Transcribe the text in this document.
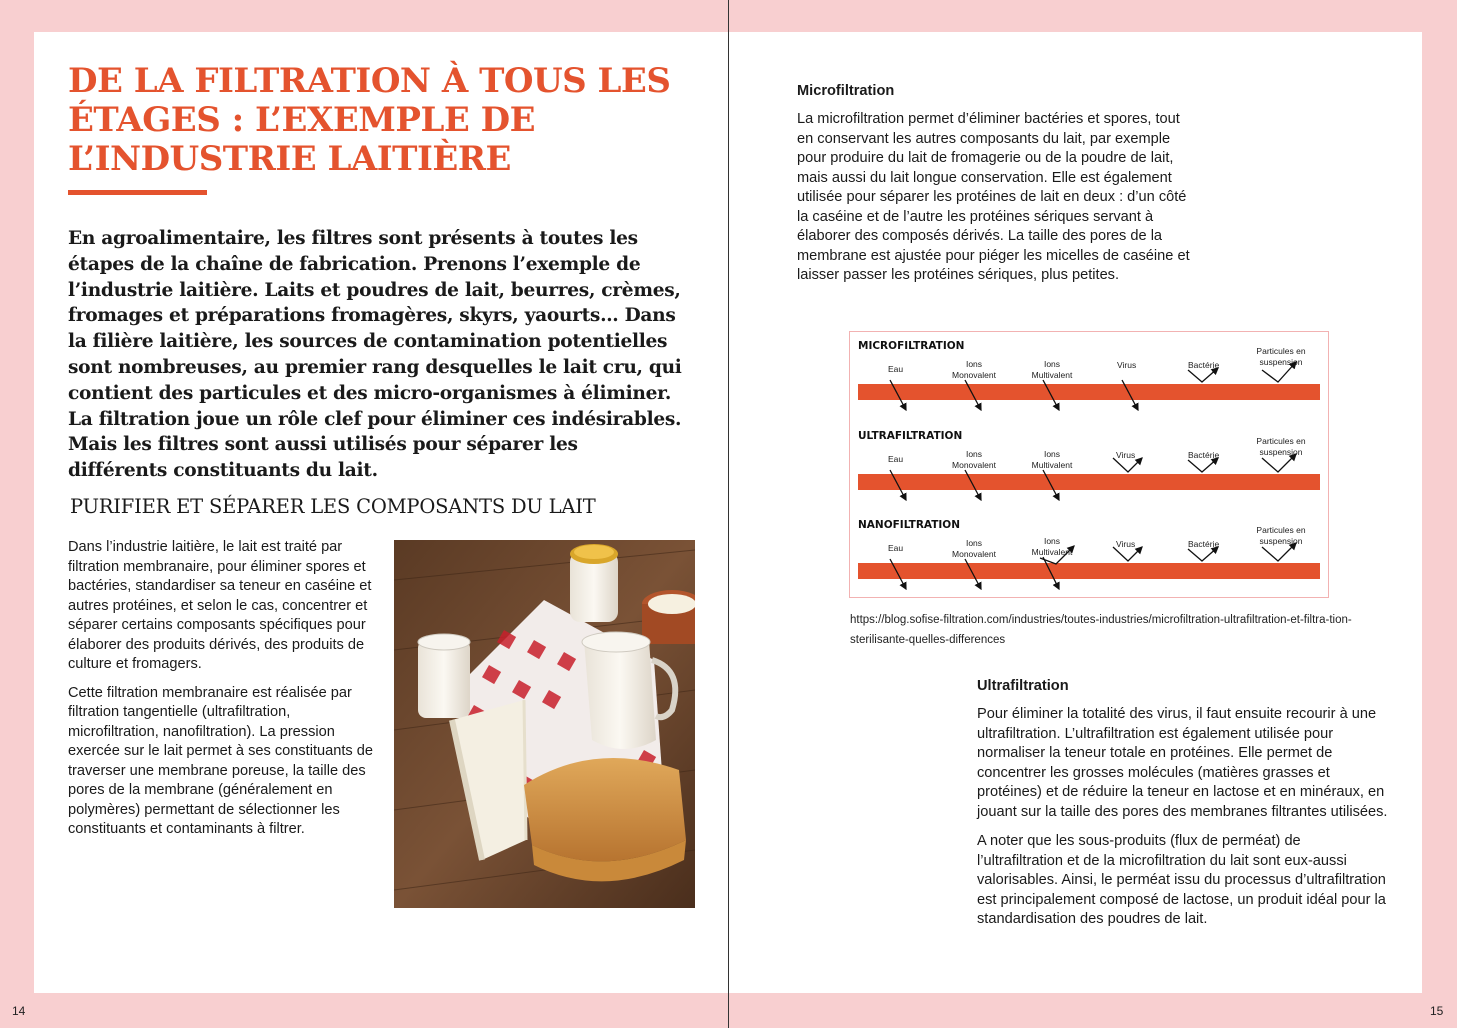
DE LA FILTRATION À TOUS LES ÉTAGES : L’EXEMPLE DE L’INDUSTRIE LAITIÈRE
En agroalimentaire, les filtres sont présents à toutes les étapes de la chaîne de fabrication. Prenons l’exemple de l’industrie laitière. Laits et poudres de lait, beurres, crèmes, fromages et préparations fromagères, skyrs, yaourts… Dans la filière laitière, les sources de contamination potentielles sont nombreuses, au premier rang desquelles le lait cru, qui contient des particules et des micro-organismes à éliminer. La filtration joue un rôle clef pour éliminer ces indésirables. Mais les filtres sont aussi utilisés pour séparer les différents constituants du lait.
PURIFIER ET SÉPARER LES COMPOSANTS DU LAIT

Dans l’industrie laitière, le lait est traité par filtration membranaire, pour éliminer spores et bactéries, standardiser sa teneur en caséine et autres protéines, et selon le cas, concentrer et séparer certains composants spécifiques pour élaborer des produits dérivés, des produits de culture et fromagers.

Cette filtration membranaire est réalisée par filtration tangentielle (ultrafiltration, microfiltration, nanofiltration). La pression exercée sur le lait permet à ses constituants de traverser une membrane poreuse, la taille des pores de la membrane (généralement en polymères) permettant de sélectionner les constituants et contaminants à filtrer.

14
Microfiltration
La microfiltration permet d’éliminer bactéries et spores, tout en conservant les autres composants du lait, par exemple pour produire du lait de fromagerie ou de la poudre de lait, mais aussi du lait longue conservation. Elle est également utilisée pour séparer les protéines de lait en deux : d’un côté la caséine et de l’autre les protéines sériques servant à élaborer des composés dérivés. La taille des pores de la membrane est ajustée pour piéger les micelles de caséine et laisser passer les protéines sériques, plus petites.
MICROFILTRATION
Eau	Ions Monovalent
Ions Multivalent
Virus	Bactérie
Particules en suspension
ULTRAFILTRATION
Eau	Ions Monovalent
Ions Multivalent
Virus	Bactérie
Particules en suspension
NANOFILTRATION
Eau	Ions Monovalent
Ions Multivalent
Virus	Bactérie
Particules en suspension
https://blog.sofise-filtration.com/industries/toutes-industries/microfiltration-ultrafiltration-et-filtra-tion-sterilisante-quelles-differences
Ultrafiltration

Pour éliminer la totalité des virus, il faut ensuite recourir à une ultrafiltration. L’ultrafiltration est également utilisée pour normaliser la teneur totale en protéines. Elle permet de concentrer les grosses molécules (matières grasses et protéines) et de réduire la teneur en lactose et en minéraux, en jouant sur la taille des pores des membranes filtrantes utilisées.

A noter que les sous-produits (flux de perméat) de l’ultrafiltration et de la microfiltration du lait sont eux-aussi valorisables. Ainsi, le perméat issu du processus d’ultrafiltration est principalement composé de lactose, un produit idéal pour la standardisation des poudres de lait.

15
